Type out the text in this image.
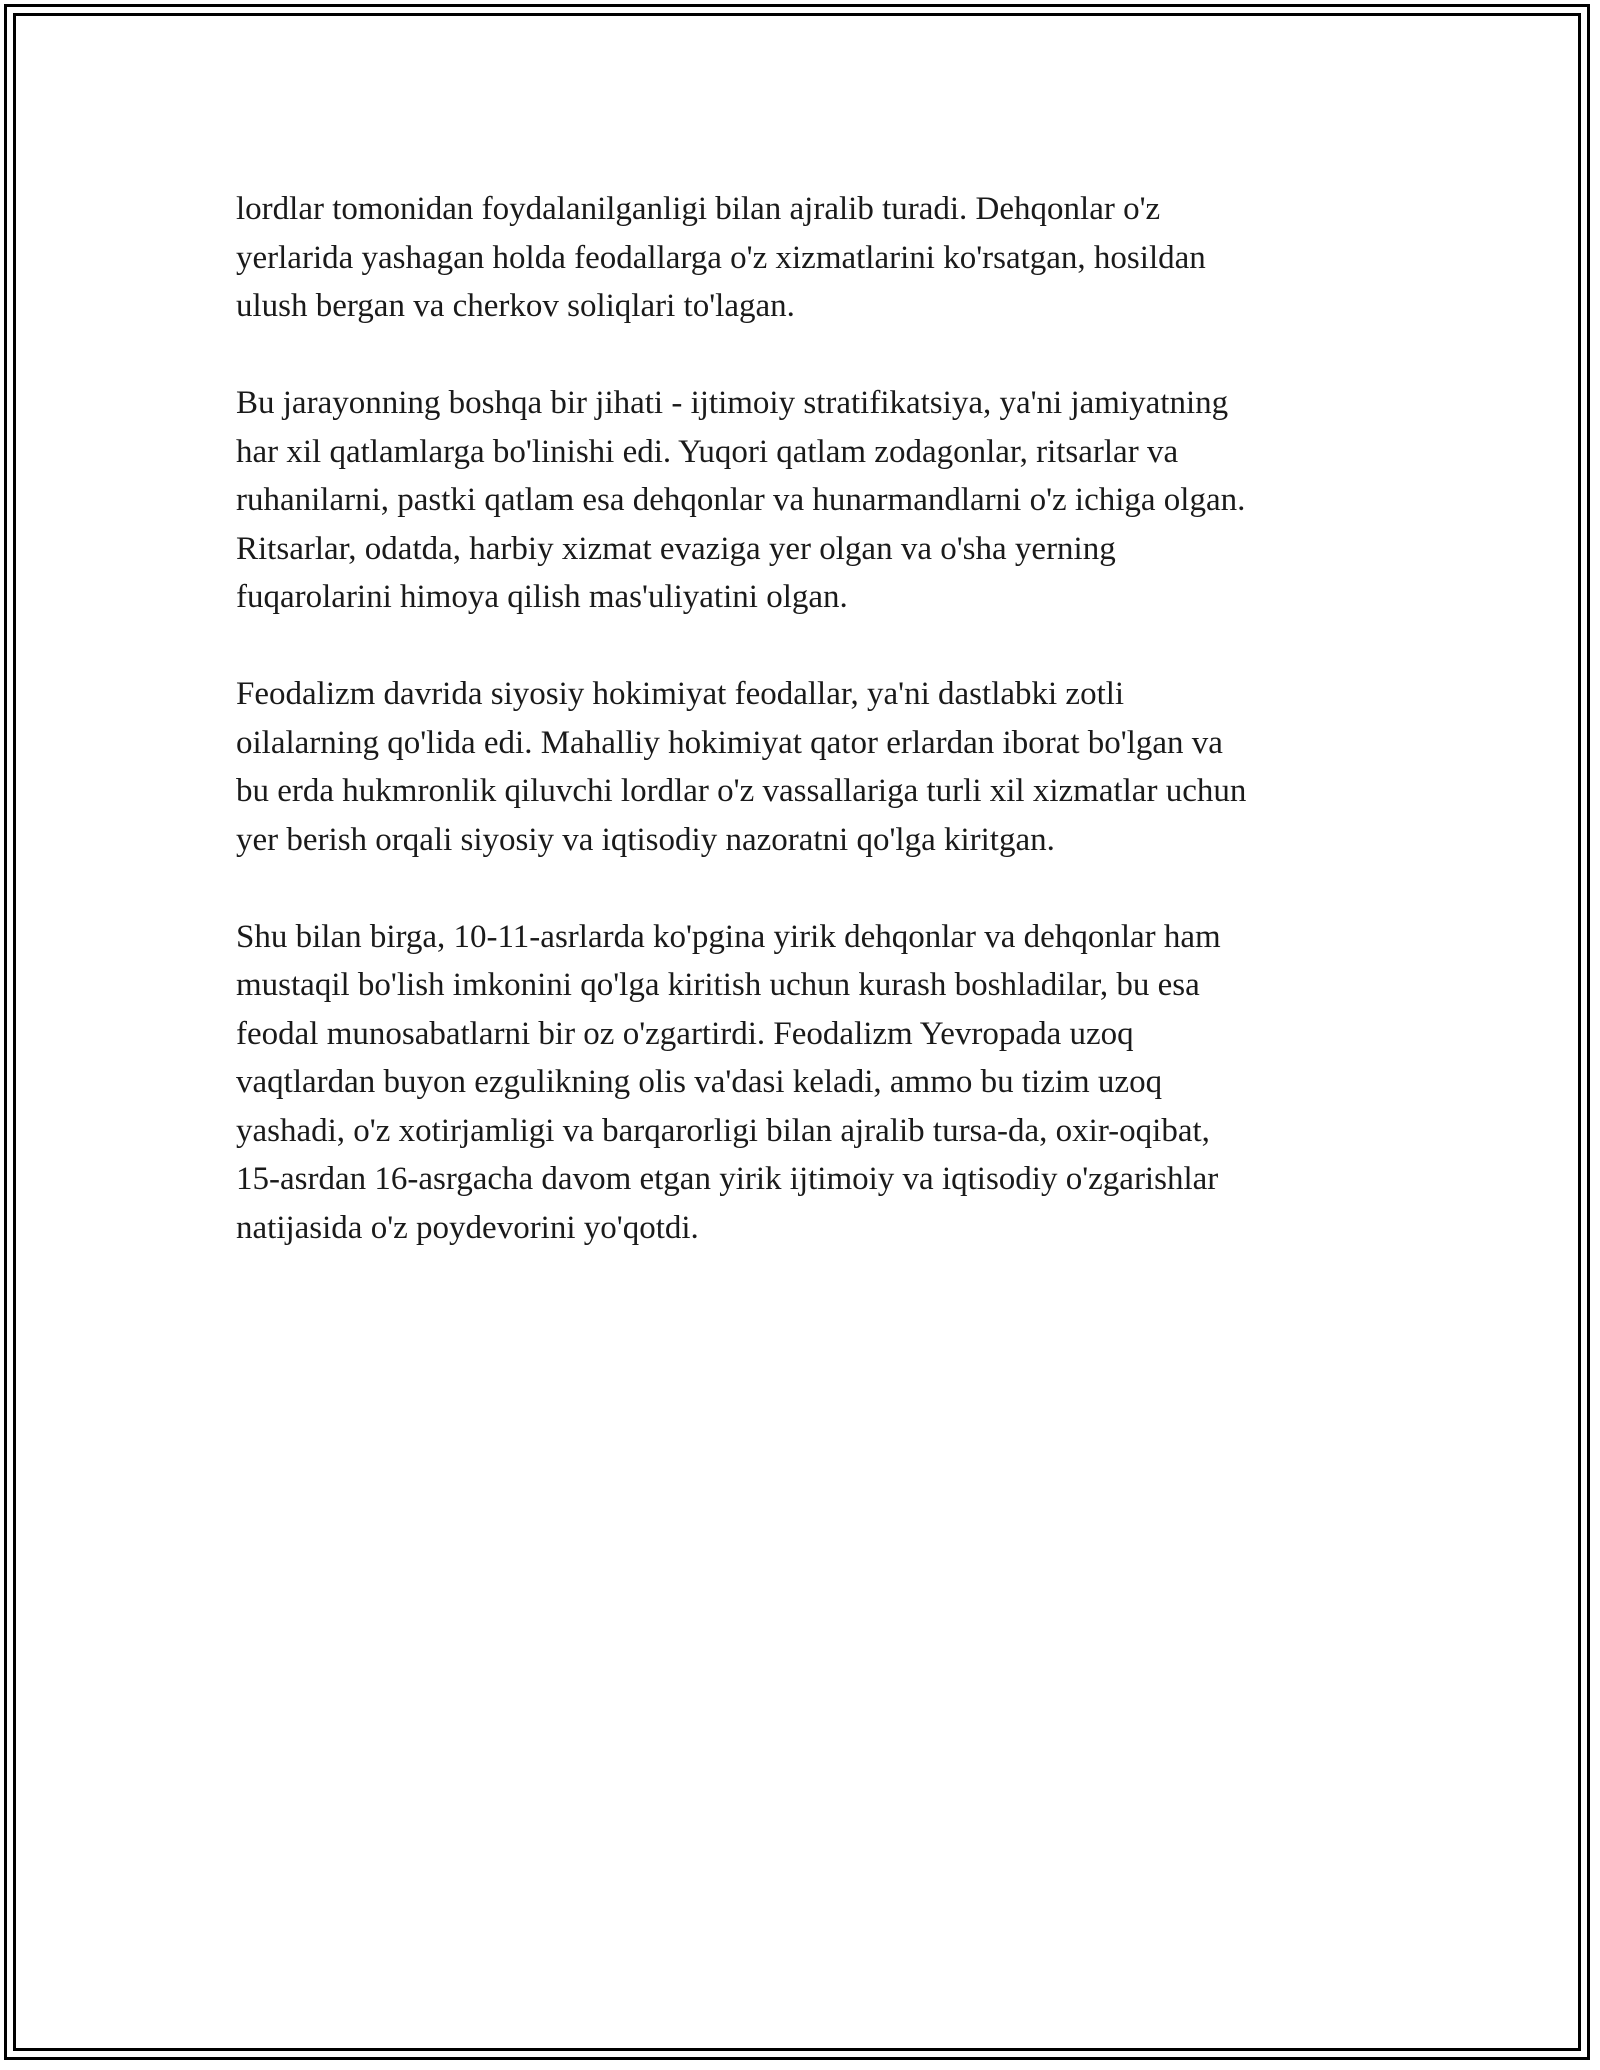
lordlar tomonidan foydalanilganligi bilan ajralib turadi. Dehqonlar o'z
yerlarida yashagan holda feodallarga o'z xizmatlarini ko'rsatgan, hosildan
ulush bergan va cherkov soliqlari to'lagan.

Bu jarayonning boshqa bir jihati - ijtimoiy stratifikatsiya, ya'ni jamiyatning
har xil qatlamlarga bo'linishi edi. Yuqori qatlam zodagonlar, ritsarlar va
ruhanilarni, pastki qatlam esa dehqonlar va hunarmandlarni o'z ichiga olgan.
Ritsarlar, odatda, harbiy xizmat evaziga yer olgan va o'sha yerning
fuqarolarini himoya qilish mas'uliyatini olgan.

Feodalizm davrida siyosiy hokimiyat feodallar, ya'ni dastlabki zotli
oilalarning qo'lida edi. Mahalliy hokimiyat qator erlardan iborat bo'lgan va
bu erda hukmronlik qiluvchi lordlar o'z vassallariga turli xil xizmatlar uchun
yer berish orqali siyosiy va iqtisodiy nazoratni qo'lga kiritgan.

Shu bilan birga, 10-11-asrlarda ko'pgina yirik dehqonlar va dehqonlar ham
mustaqil bo'lish imkonini qo'lga kiritish uchun kurash boshladilar, bu esa
feodal munosabatlarni bir oz o'zgartirdi. Feodalizm Yevropada uzoq
vaqtlardan buyon ezgulikning olis va'dasi keladi, ammo bu tizim uzoq
yashadi, o'z xotirjamligi va barqarorligi bilan ajralib tursa-da, oxir-oqibat,
15-asrdan 16-asrgacha davom etgan yirik ijtimoiy va iqtisodiy o'zgarishlar
natijasida o'z poydevorini yo'qotdi.
